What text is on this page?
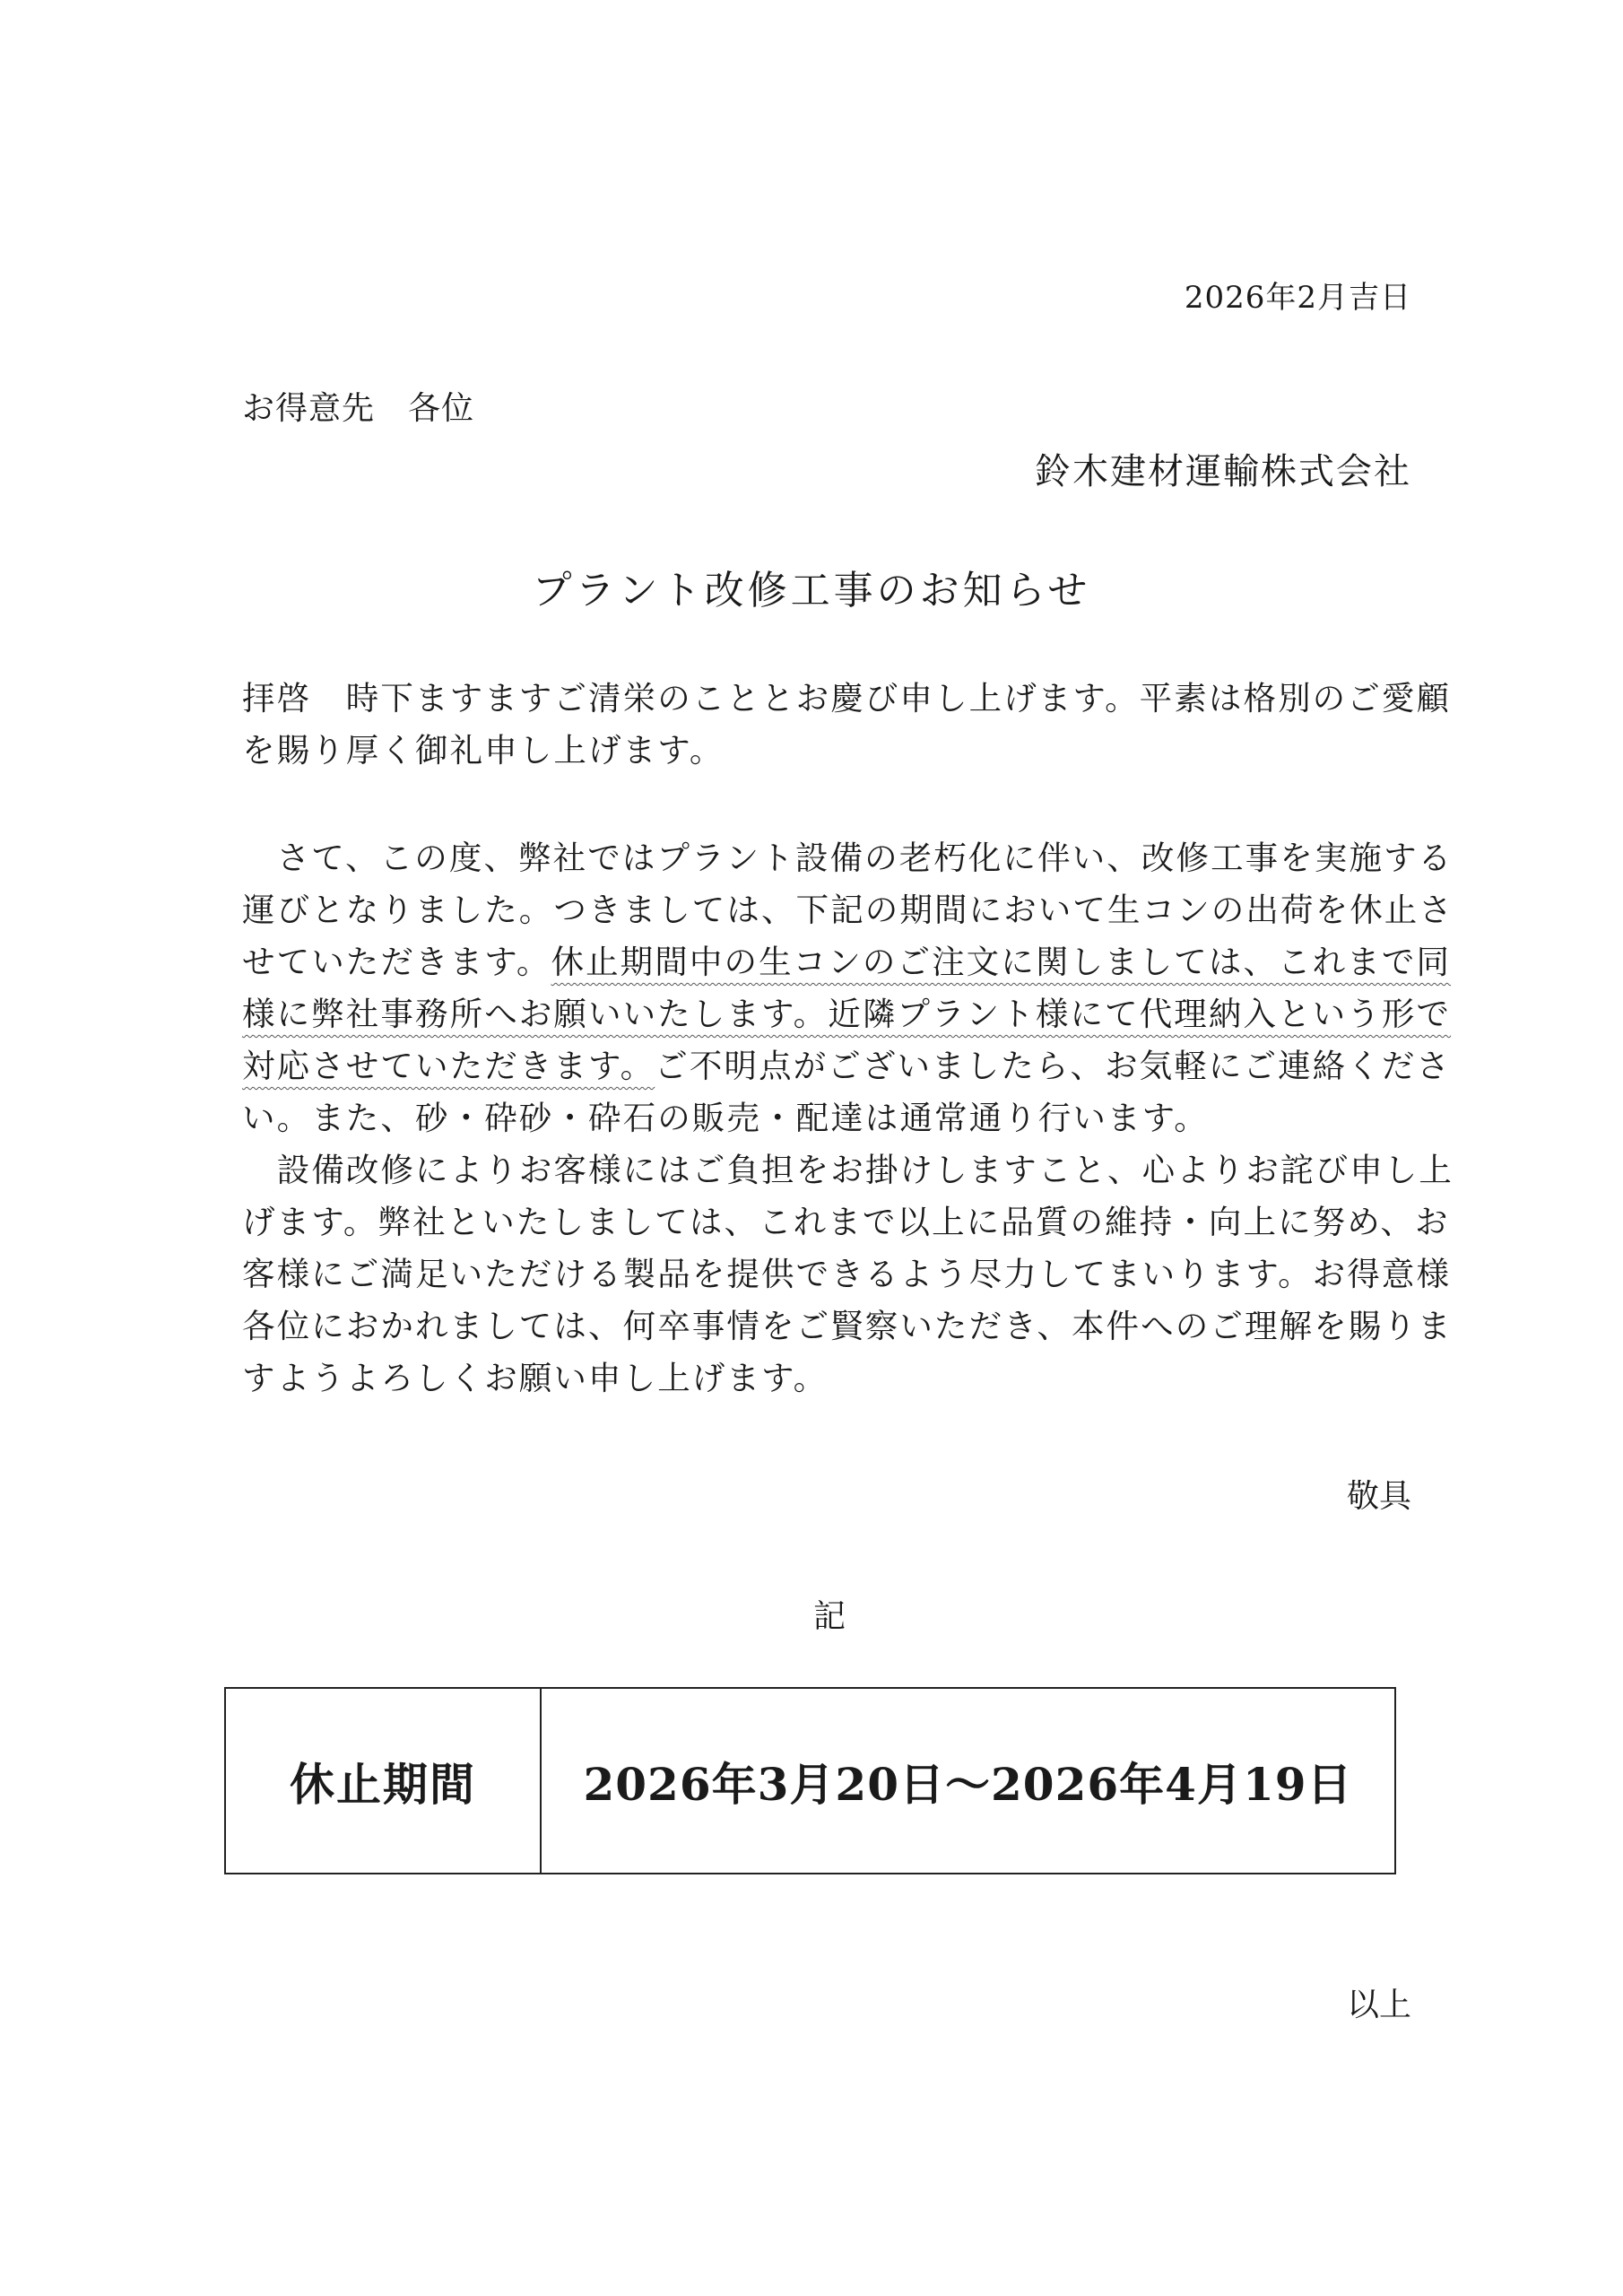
2026年2月吉日
お得意先　各位
鈴木建材運輸株式会社
プラント改修工事のお知らせ
拝啓　時下ますますご清栄のこととお慶び申し上げます。平素は格別のご愛顧
を賜り厚く御礼申し上げます。
　さて、この度、弊社ではプラント設備の老朽化に伴い、改修工事を実施する
運びとなりました。つきましては、下記の期間において生コンの出荷を休止さ
せていただきます。休止期間中の生コンのご注文に関しましては、これまで同
様に弊社事務所へお願いいたします。近隣プラント様にて代理納入という形で
対応させていただきます。ご不明点がございましたら、お気軽にご連絡くださ
い。また、砂・砕砂・砕石の販売・配達は通常通り行います。
　設備改修によりお客様にはご負担をお掛けしますこと、心よりお詫び申し上
げます。弊社といたしましては、これまで以上に品質の維持・向上に努め、お
客様にご満足いただける製品を提供できるよう尽力してまいります。お得意様
各位におかれましては、何卒事情をご賢察いただき、本件へのご理解を賜りま
すようよろしくお願い申し上げます。
敬具
記
休止期間	2026年3月20日～2026年4月19日
以上
